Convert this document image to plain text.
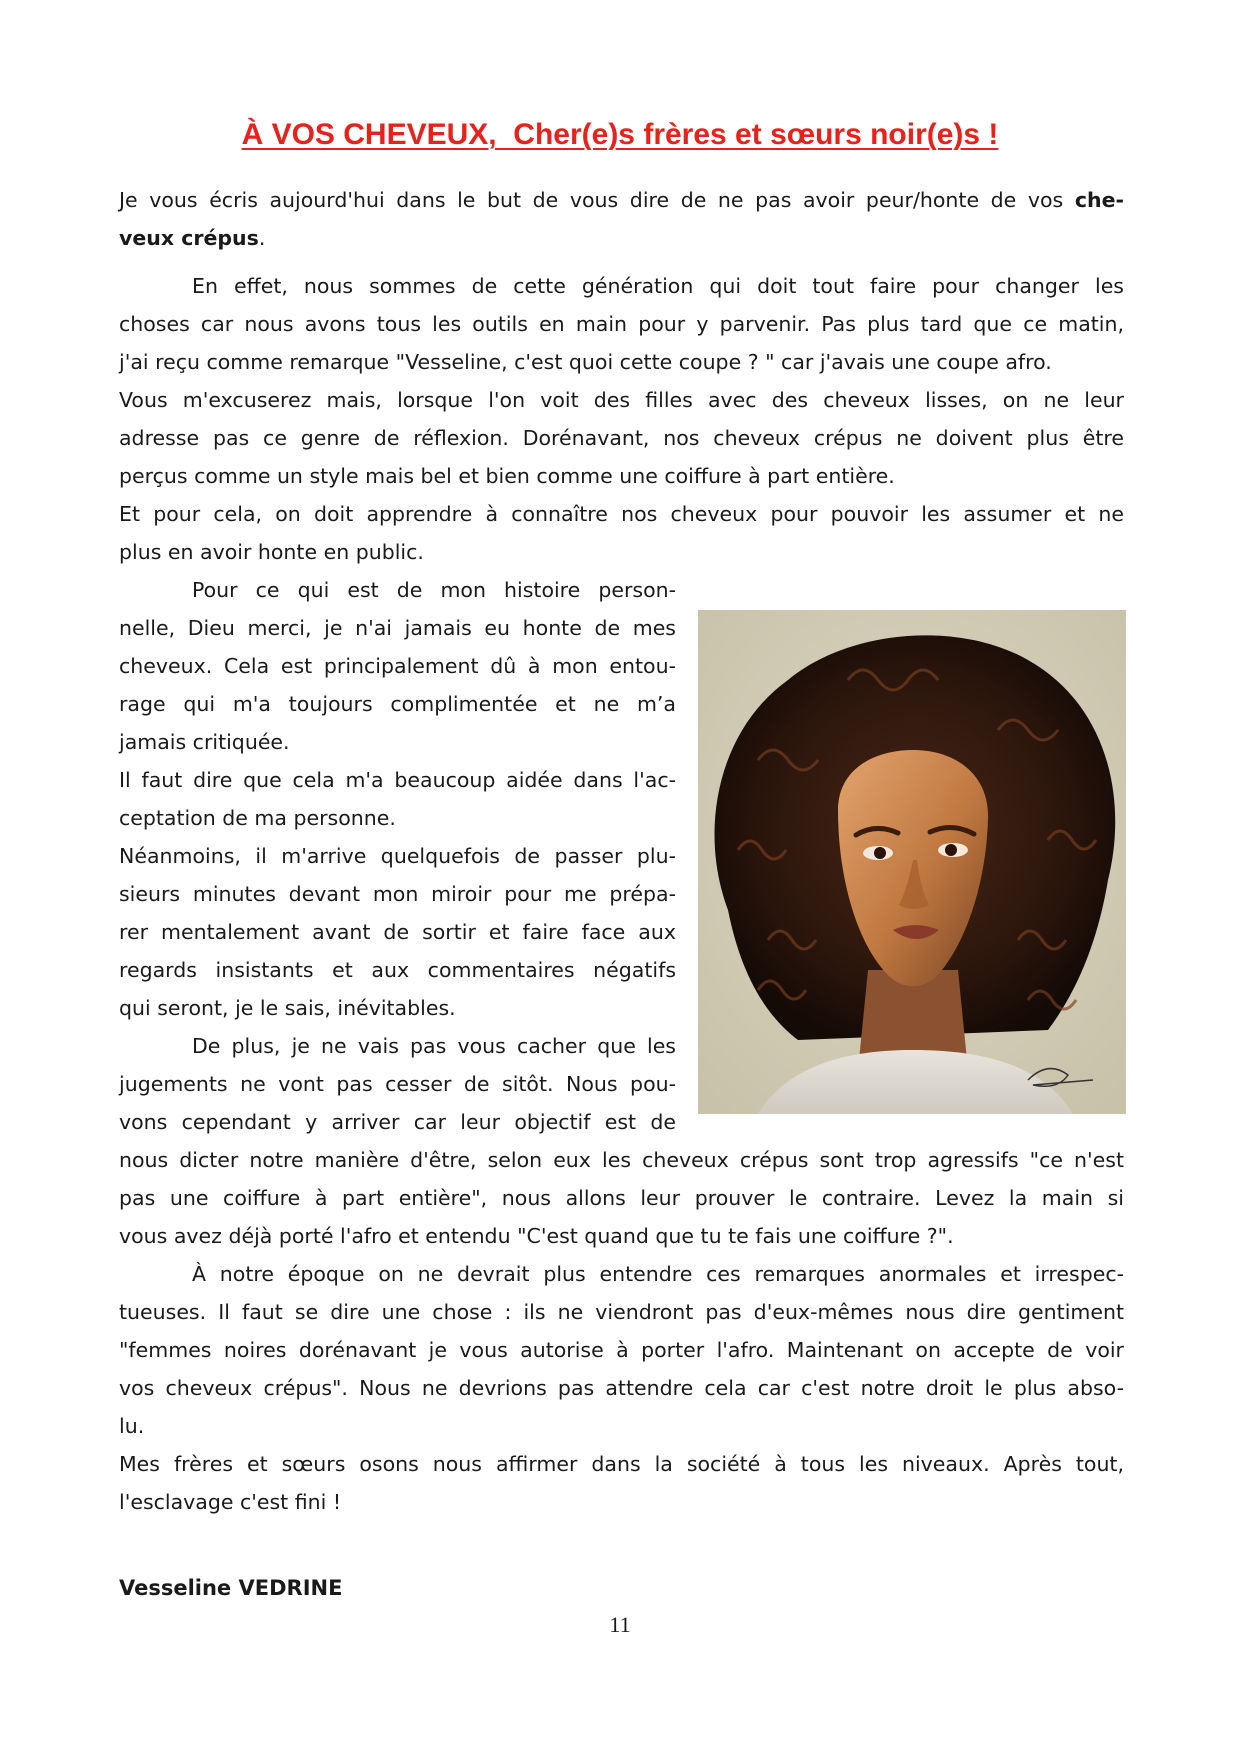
À VOS CHEVEUX,  Cher(e)s frères et sœurs noir(e)s !

Je vous écris aujourd'hui dans le but de vous dire de ne pas avoir peur/honte de vos che-
veux crépus.

En effet, nous sommes de cette génération qui doit tout faire pour changer les
choses car nous avons tous les outils en main pour y parvenir. Pas plus tard que ce matin,
j'ai reçu comme remarque "Vesseline, c'est quoi cette coupe ? " car j'avais une coupe afro.
Vous m'excuserez mais, lorsque l'on voit des filles avec des cheveux lisses, on ne leur
adresse pas ce genre de réflexion. Dorénavant, nos cheveux crépus ne doivent plus être
perçus comme un style mais bel et bien comme une coiffure à part entière.

Et pour cela, on doit apprendre à connaître nos cheveux pour pouvoir les assumer et ne
plus en avoir honte en public.

Pour ce qui est de mon histoire person-
nelle, Dieu merci, je n'ai jamais eu honte de mes
cheveux. Cela est principalement dû à mon entou-
rage qui m'a toujours complimentée et ne m’a
jamais critiquée.

Il faut dire que cela m'a beaucoup aidée dans l'ac-
ceptation de ma personne.

Néanmoins, il m'arrive quelquefois de passer plu-
sieurs minutes devant mon miroir pour me prépa-
rer mentalement avant de sortir et faire face aux
regards insistants et aux commentaires négatifs
qui seront, je le sais, inévitables.

De plus, je ne vais pas vous cacher que les
jugements ne vont pas cesser de sitôt. Nous pou-
vons cependant y arriver car leur objectif est de

nous dicter notre manière d'être, selon eux les cheveux crépus sont trop agressifs "ce n'est
pas une coiffure à part entière", nous allons leur prouver le contraire. Levez la main si
vous avez déjà porté l'afro et entendu "C'est quand que tu te fais une coiffure ?".

À notre époque on ne devrait plus entendre ces remarques anormales et irrespec-
tueuses. Il faut se dire une chose : ils ne viendront pas d'eux-mêmes nous dire gentiment
"femmes noires dorénavant je vous autorise à porter l'afro. Maintenant on accepte de voir
vos cheveux crépus". Nous ne devrions pas attendre cela car c'est notre droit le plus abso-
lu.

Mes frères et sœurs osons nous affirmer dans la société à tous les niveaux. Après tout,
l'esclavage c'est fini !

Vesseline VEDRINE

11
